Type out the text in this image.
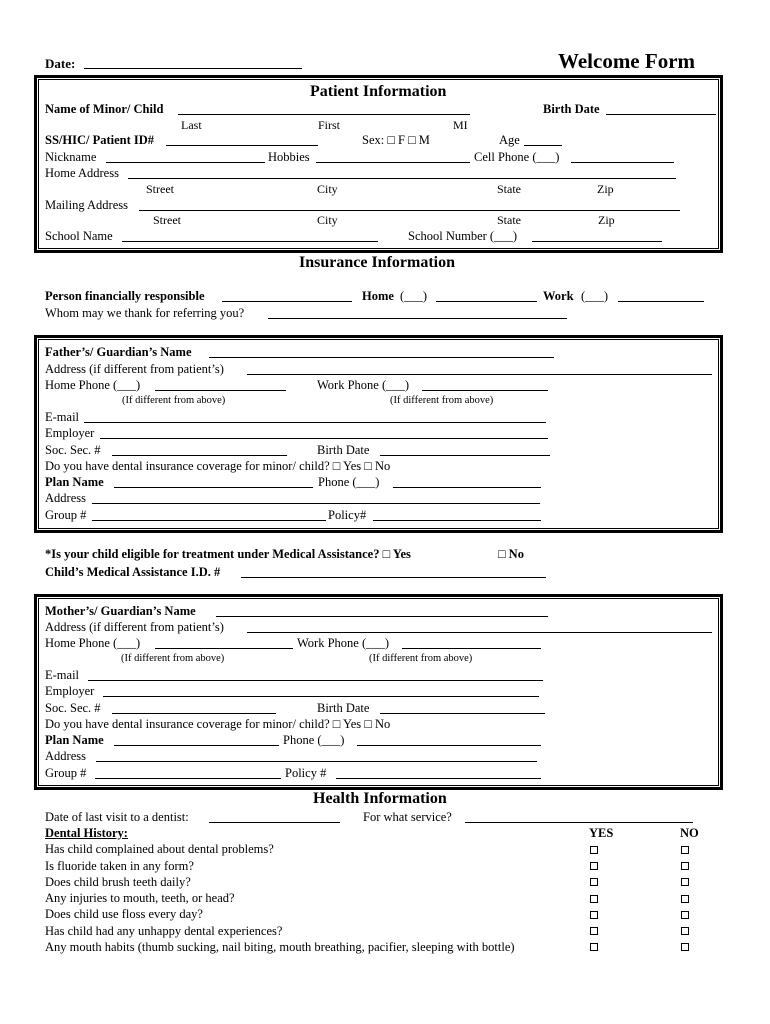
Date:	Welcome Form
Patient Information
Name of Minor/ Child	Birth Date
Last	First	MI
SS/HIC/ Patient ID#	Sex: □ F □ M	Age
Nickname	Hobbies	Cell Phone (___)
Home Address
Street	City	State	Zip
Mailing Address
Street	City	State	Zip
School Name	School Number (___)
Insurance Information
Person financially responsible	Home (___)	Work (___)
Whom may we thank for referring you?
Father’s/ Guardian’s Name
Address (if different from patient’s)
Home Phone (___)	Work Phone (___)
(If different from above)	(If different from above)
E-mail
Employer
Soc. Sec. #	Birth Date
Do you have dental insurance coverage for minor/ child? □ Yes □ No
Plan Name	Phone (___)
Address
Group #	Policy#
*Is your child eligible for treatment under Medical Assistance? □ Yes	□ No
Child’s Medical Assistance I.D. #
Mother’s/ Guardian’s Name
Address (if different from patient’s)
Home Phone (___)	Work Phone (___)
(If different from above)	(If different from above)
E-mail
Employer
Soc. Sec. #	Birth Date
Do you have dental insurance coverage for minor/ child? □ Yes □ No
Plan Name	Phone (___)
Address
Group #	Policy #
Health Information
Date of last visit to a dentist:	For what service?
Dental History:	YES	NO
Has child complained about dental problems?
Is fluoride taken in any form?
Does child brush teeth daily?
Any injuries to mouth, teeth, or head?
Does child use floss every day?
Has child had any unhappy dental experiences?
Any mouth habits (thumb sucking, nail biting, mouth breathing, pacifier, sleeping with bottle)
